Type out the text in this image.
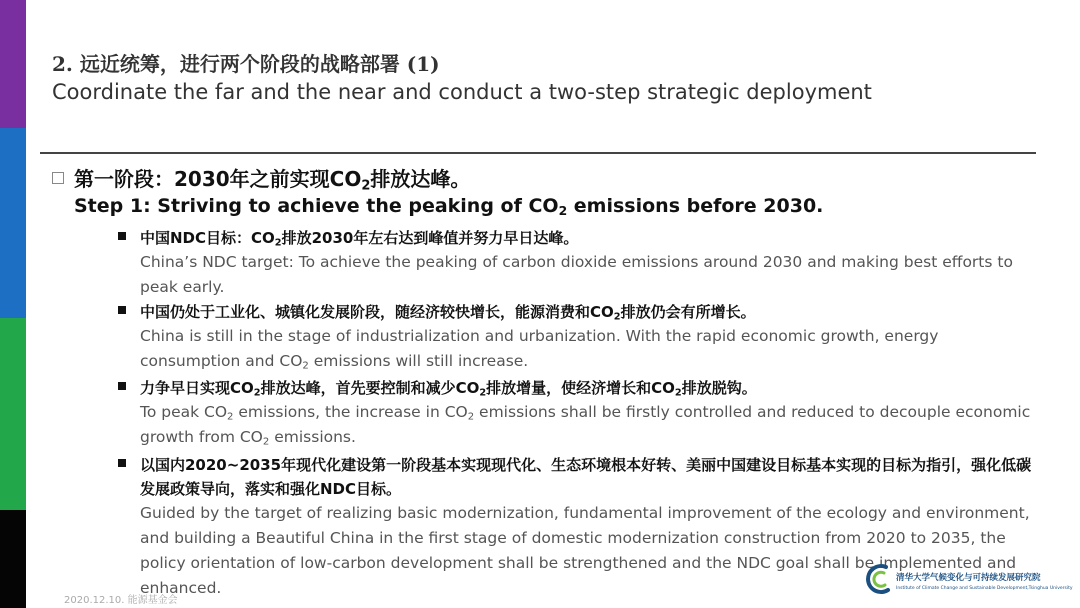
2. 远近统筹，进行两个阶段的战略部署 (1)
Coordinate the far and the near and conduct a two-step strategic deployment
第一阶段：2030年之前实现$CO_2$排放达峰。
Step 1: Striving to achieve the peaking of $CO_2$ emissions before 2030.
中国NDC目标：$CO_2$排放2030年左右达到峰值并努力早日达峰。
China’s NDC target: To achieve the peaking of carbon dioxide emissions around 2030 and making best efforts to peak early.
中国仍处于工业化、城镇化发展阶段，随经济较快增长，能源消费和$CO_2$排放仍会有所增长。
China is still in the stage of industrialization and urbanization. With the rapid economic growth, energy consumption and $CO_2$ emissions will still increase.
力争早日实现$CO_2$排放达峰，首先要控制和减少$CO_2$排放增量，使经济增长和$CO_2$排放脱钩。
To peak $CO_2$ emissions, the increase in $CO_2$ emissions shall be firstly controlled and reduced to decouple economic growth from $CO_2$ emissions.
以国内2020~2035年现代化建设第一阶段基本实现现代化、生态环境根本好转、美丽中国建设目标基本实现的目标为指引，强化低碳发展政策导向，落实和强化NDC目标。
Guided by the target of realizing basic modernization, fundamental improvement of the ecology and environment, and building a Beautiful China in the first stage of domestic modernization construction from 2020 to 2035, the policy orientation of low-carbon development shall be strengthened and the NDC goal shall be implemented and enhanced.
2020.12.10. 能源基金会
清华大学气候变化与可持续发展研究院
Institute of Climate Change and Sustainable Development,Tsinghua University
